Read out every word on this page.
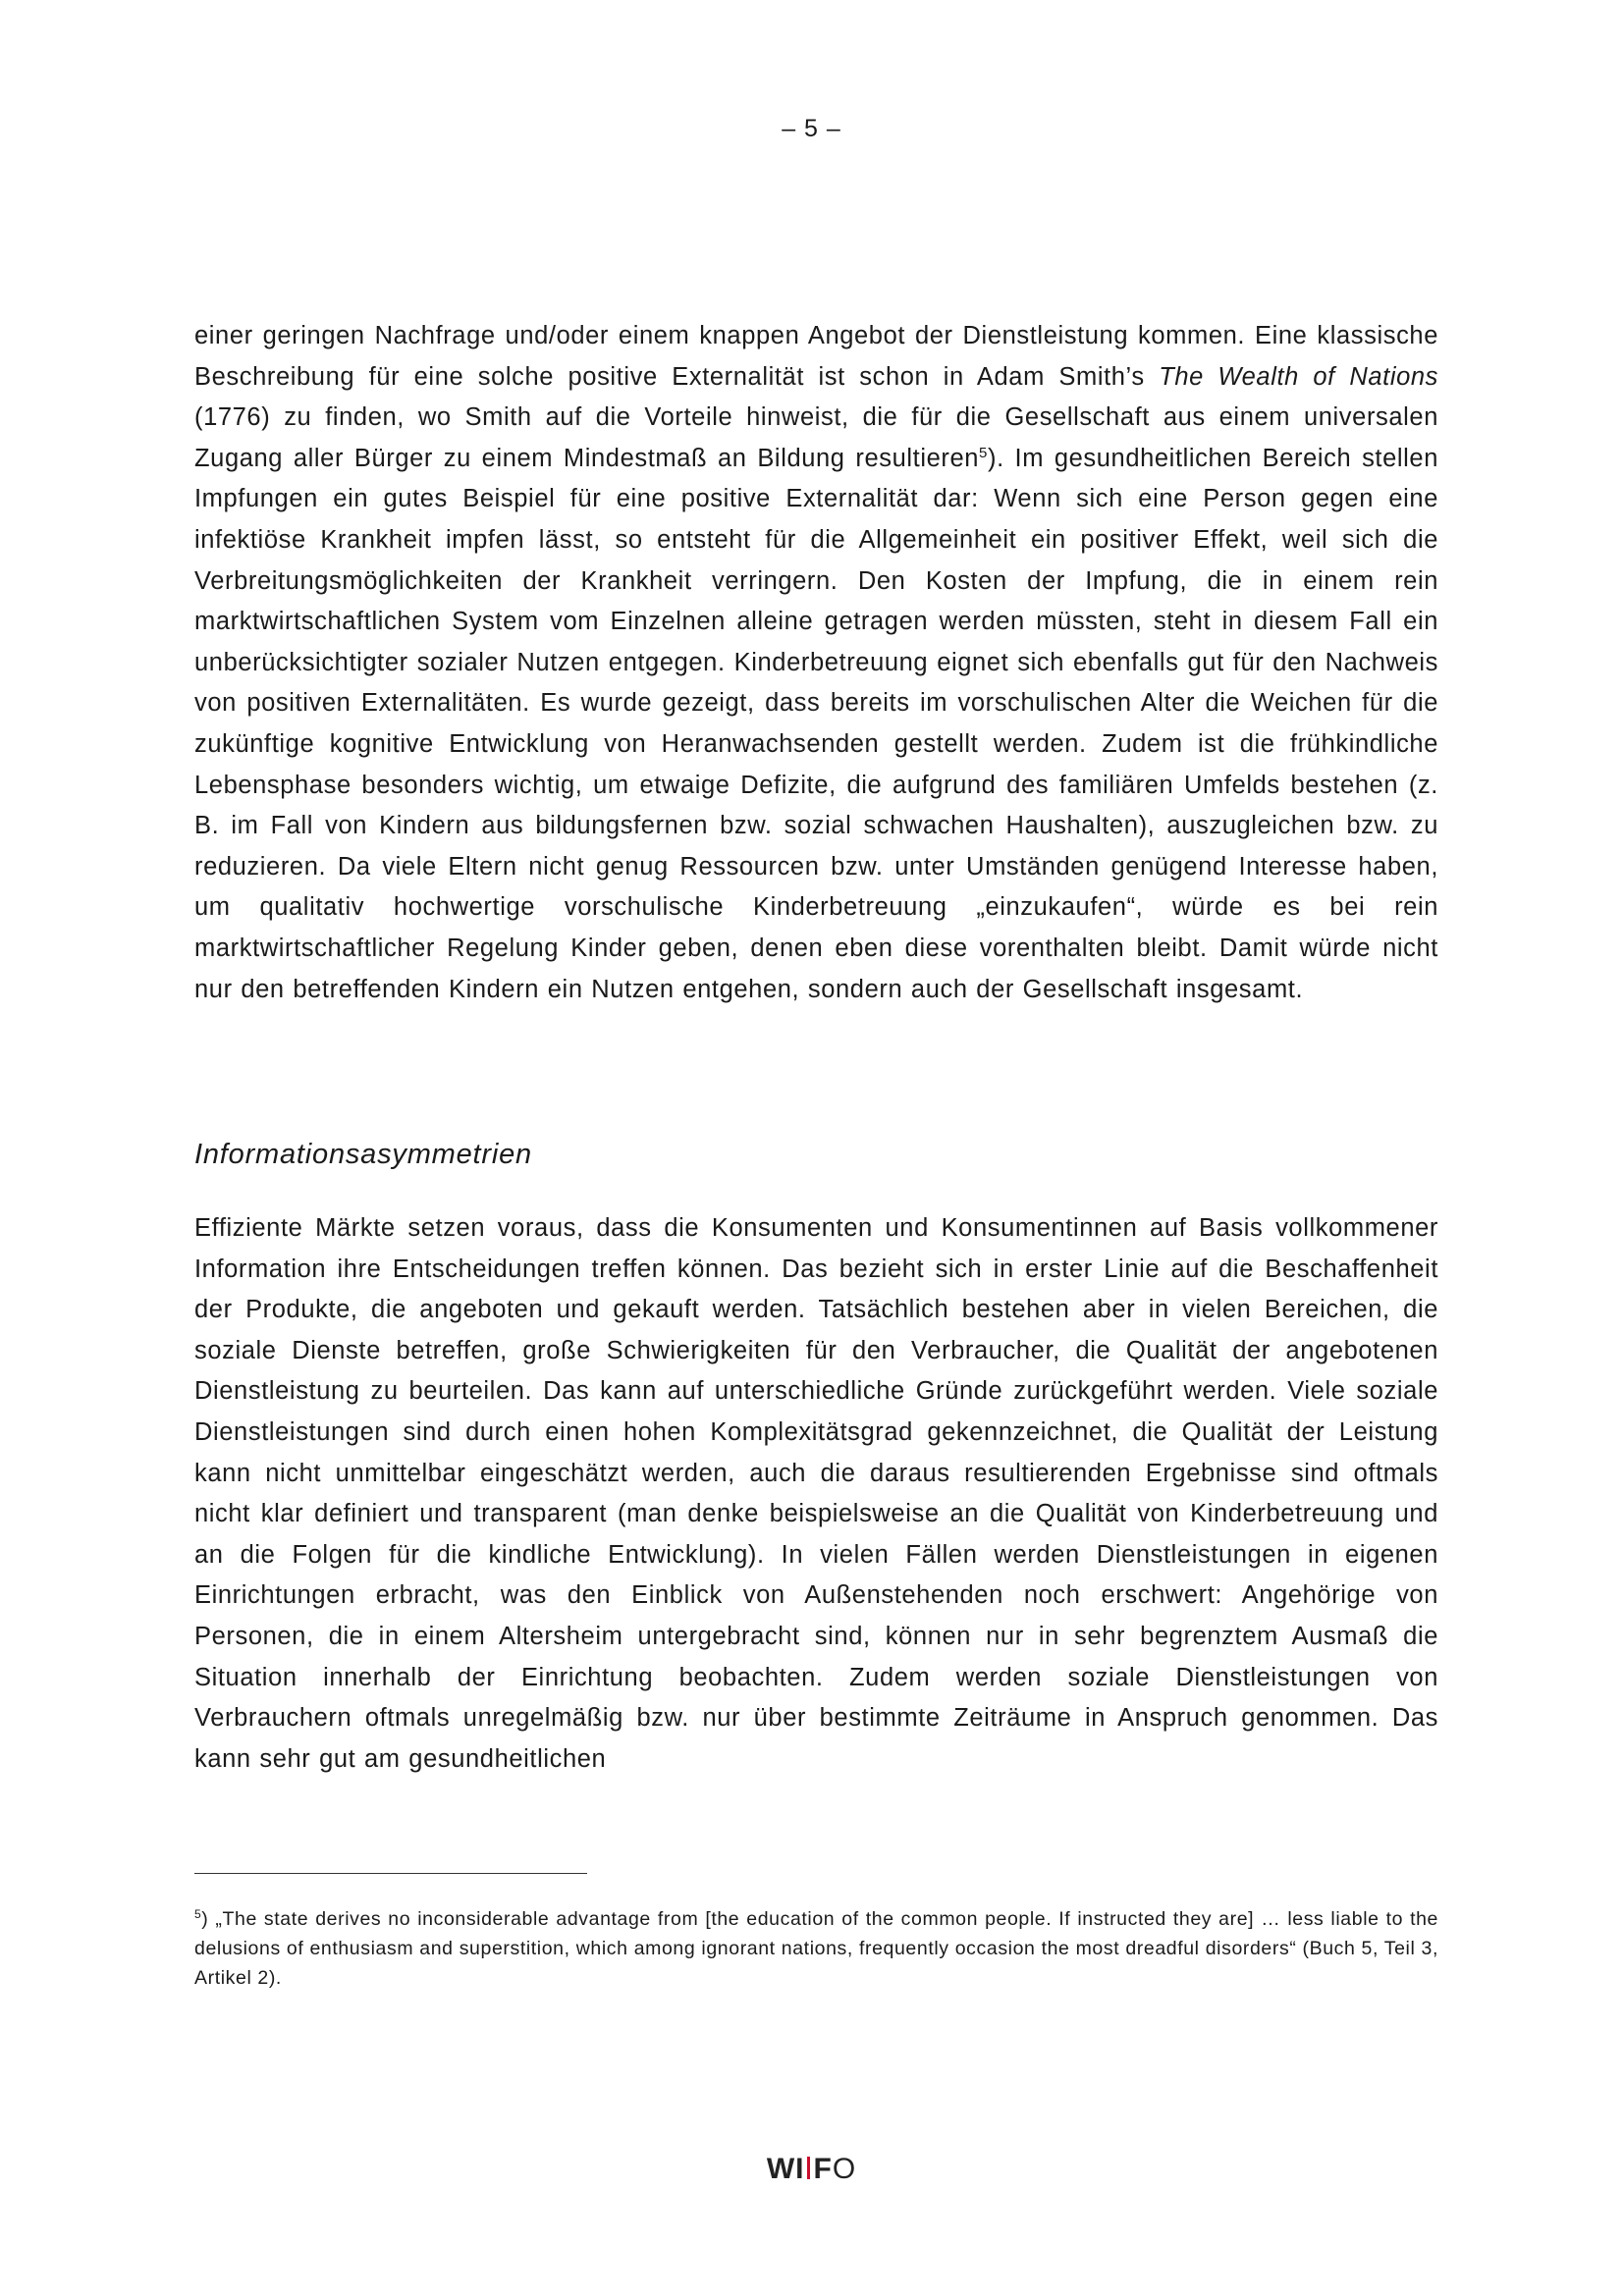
– 5 –

einer geringen Nachfrage und/oder einem knappen Angebot der Dienstleistung kommen. Eine klassische Beschreibung für eine solche positive Externalität ist schon in Adam Smith’s The Wealth of Nations (1776) zu finden, wo Smith auf die Vorteile hinweist, die für die Gesellschaft aus einem universalen Zugang aller Bürger zu einem Mindestmaß an Bildung resultieren$^5$). Im gesundheitlichen Bereich stellen Impfungen ein gutes Beispiel für eine positive Externalität dar: Wenn sich eine Person gegen eine infektiöse Krankheit impfen lässt, so entsteht für die Allgemeinheit ein positiver Effekt, weil sich die Verbreitungsmöglichkeiten der Krankheit verringern. Den Kosten der Impfung, die in einem rein marktwirtschaftlichen System vom Einzelnen alleine getragen werden müssten, steht in diesem Fall ein unberücksichtigter sozialer Nutzen entgegen. Kinderbetreuung eignet sich ebenfalls gut für den Nachweis von positiven Externalitäten. Es wurde gezeigt, dass bereits im vorschulischen Alter die Weichen für die zukünftige kognitive Entwicklung von Heranwachsenden gestellt werden. Zudem ist die frühkindliche Lebensphase besonders wichtig, um etwaige Defizite, die aufgrund des familiären Umfelds bestehen (z. B. im Fall von Kindern aus bildungsfernen bzw. sozial schwachen Haushalten), auszugleichen bzw. zu reduzieren. Da viele Eltern nicht genug Ressourcen bzw. unter Umständen genügend Interesse haben, um qualitativ hochwertige vorschulische Kinderbetreuung „einzukaufen“, würde es bei rein marktwirtschaftlicher Regelung Kinder geben, denen eben diese vorenthalten bleibt. Damit würde nicht nur den betreffenden Kindern ein Nutzen entgehen, sondern auch der Gesellschaft insgesamt.

Informationsasymmetrien

Effiziente Märkte setzen voraus, dass die Konsumenten und Konsumentinnen auf Basis vollkommener Information ihre Entscheidungen treffen können. Das bezieht sich in erster Linie auf die Beschaffenheit der Produkte, die angeboten und gekauft werden. Tatsächlich bestehen aber in vielen Bereichen, die soziale Dienste betreffen, große Schwierigkeiten für den Verbraucher, die Qualität der angebotenen Dienstleistung zu beurteilen. Das kann auf unterschiedliche Gründe zurückgeführt werden. Viele soziale Dienstleistungen sind durch einen hohen Komplexitätsgrad gekennzeichnet, die Qualität der Leistung kann nicht unmittelbar eingeschätzt werden, auch die daraus resultierenden Ergebnisse sind oftmals nicht klar definiert und transparent (man denke beispielsweise an die Qualität von Kinderbetreuung und an die Folgen für die kindliche Entwicklung). In vielen Fällen werden Dienstleistungen in eigenen Einrichtungen erbracht, was den Einblick von Außenstehenden noch erschwert: Angehörige von Personen, die in einem Altersheim untergebracht sind, können nur in sehr begrenztem Ausmaß die Situation innerhalb der Einrichtung beobachten. Zudem werden soziale Dienstleistungen von Verbrauchern oftmals unregelmäßig bzw. nur über bestimmte Zeiträume in Anspruch genommen. Das kann sehr gut am gesundheitlichen

$^5$) „The state derives no inconsiderable advantage from [the education of the common people. If instructed they are] … less liable to the delusions of enthusiasm and superstition, which among ignorant nations, frequently occasion the most dreadful disorders“ (Buch 5, Teil 3, Artikel 2).

WI FO
